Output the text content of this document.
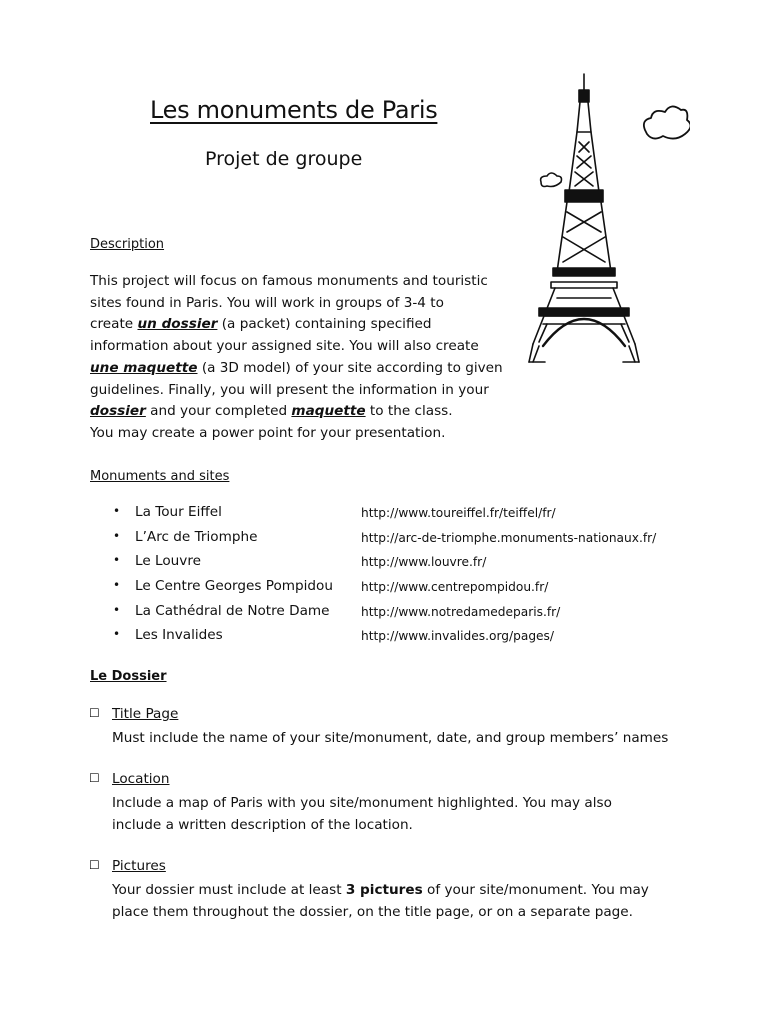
Les monuments de Paris
Projet de groupe
Description
This project will focus on famous monuments and touristic
sites found in Paris. You will work in groups of 3-4 to
create un dossier (a packet) containing specified
information about your assigned site. You will also create
une maquette (a 3D model) of your site according to given
guidelines. Finally, you will present the information in your
dossier and your completed maquette to the class.
You may create a power point for your presentation.
Monuments and sites
• La Tour Eiffel	http://www.toureiffel.fr/teiffel/fr/
• L’Arc de Triomphe	http://arc-de-triomphe.monuments-nationaux.fr/
• Le Louvre	http://www.louvre.fr/
• Le Centre Georges Pompidou http://www.centrepompidou.fr/
• La Cathédral de Notre Dame	http://www.notredamedeparis.fr/
• Les Invalides	http://www.invalides.org/pages/
Le Dossier
☐ Title Page
Must include the name of your site/monument, date, and group members’ names
☐ Location
Include a map of Paris with you site/monument highlighted. You may also
include a written description of the location.
☐ Pictures
Your dossier must include at least 3 pictures of your site/monument. You may
place them throughout the dossier, on the title page, or on a separate page.
